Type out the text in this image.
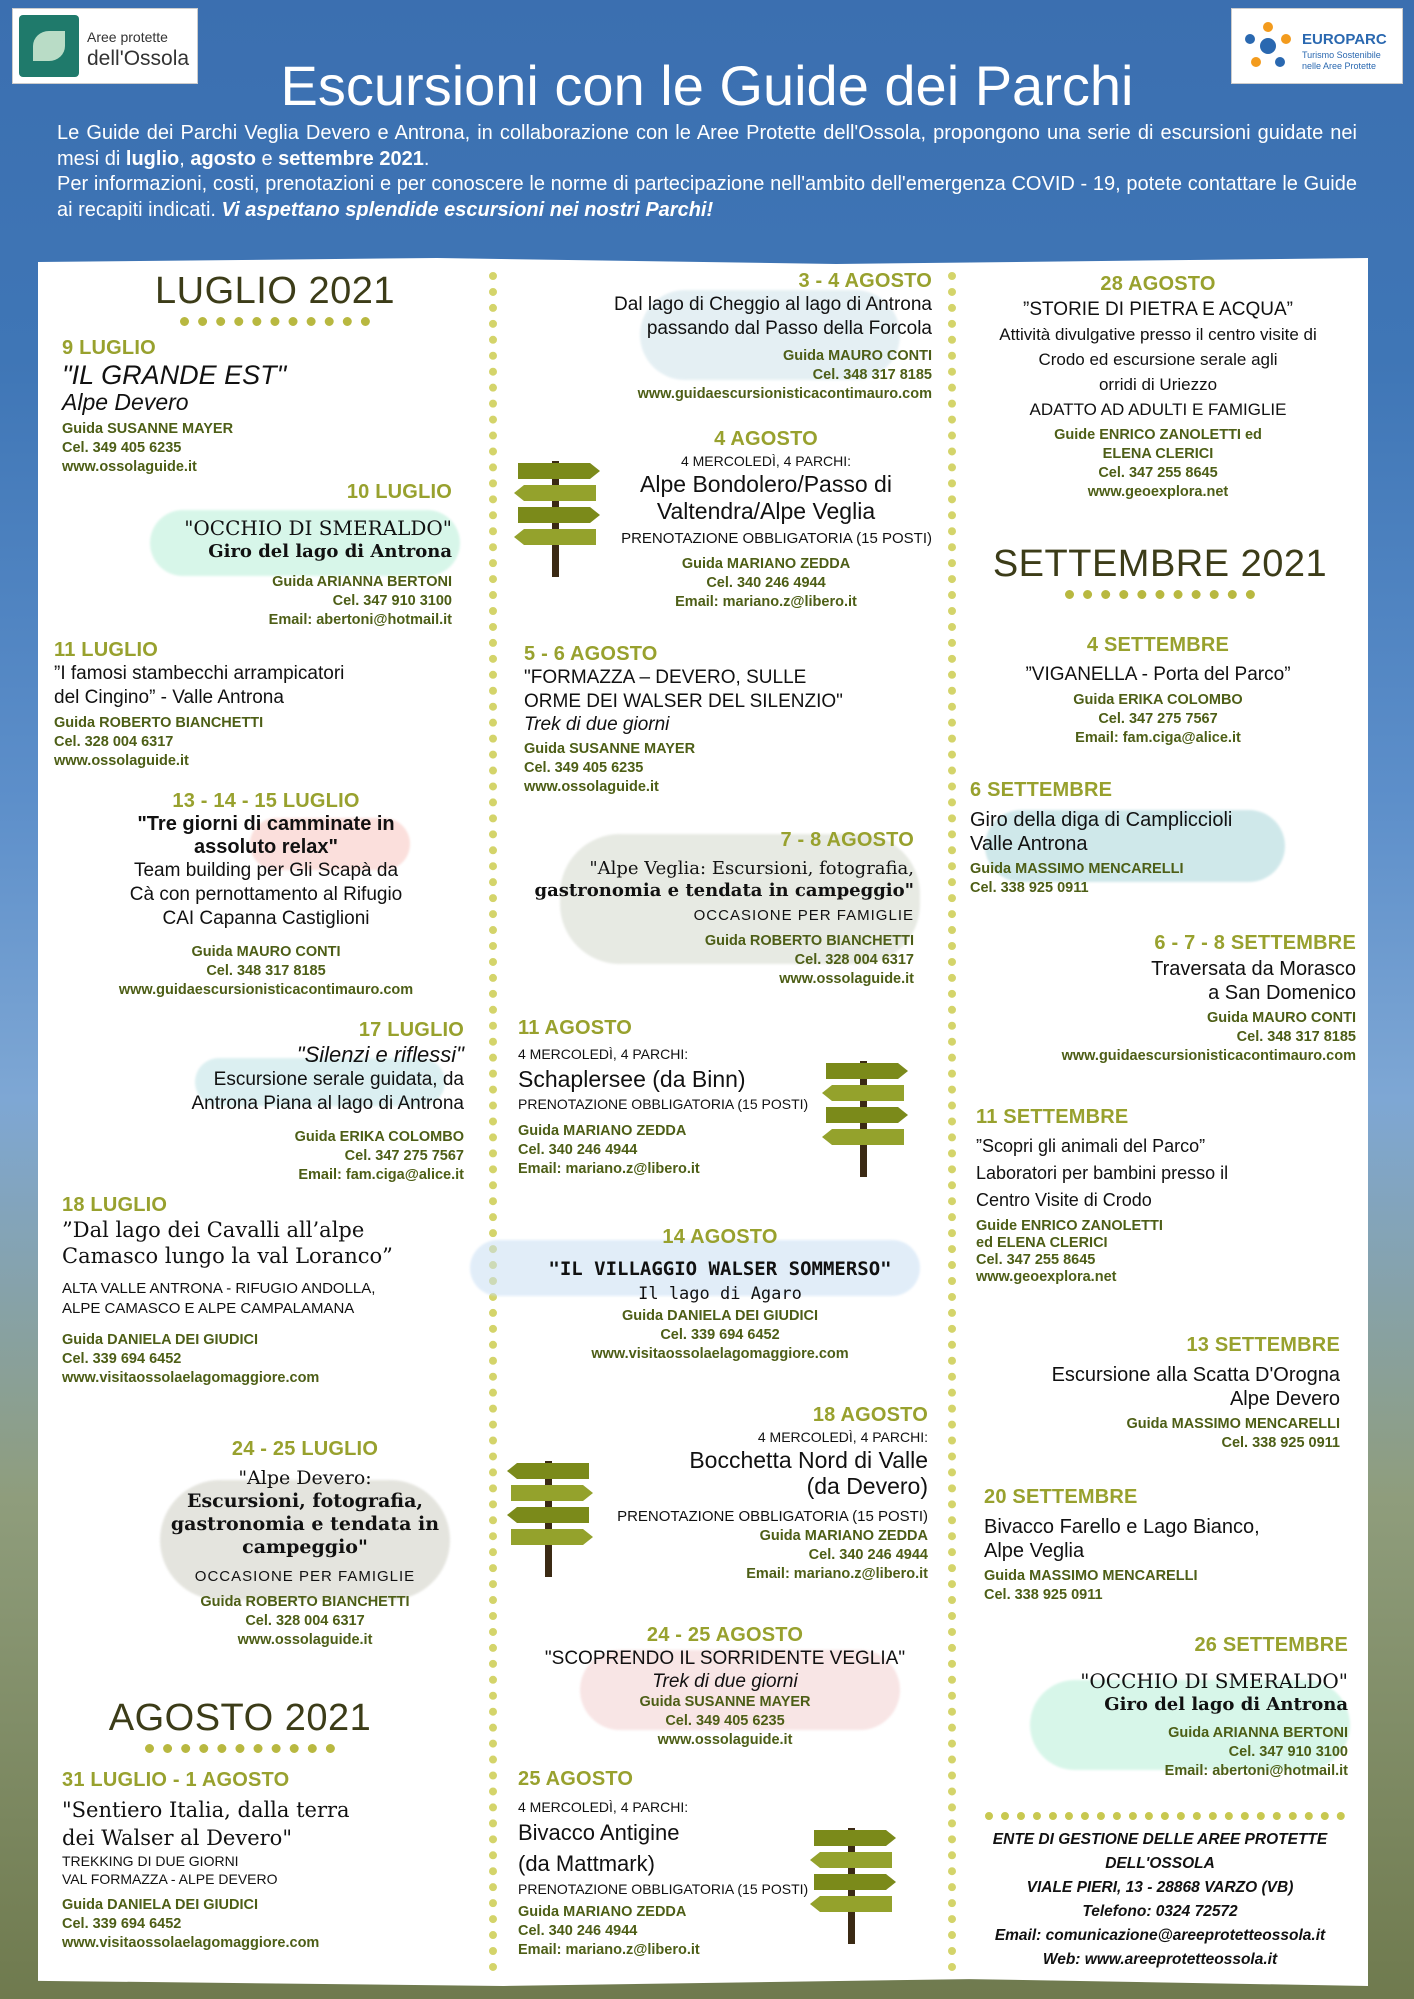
Aree protette
dell'Ossola
EUROPARC
Turismo Sostenibile nelle Aree Protette
Escursioni con le Guide dei Parchi

Le Guide dei Parchi Veglia Devero e Antrona, in collaborazione con le Aree Protette dell'Ossola, propongono una serie di escursioni guidate nei mesi di luglio, agosto e settembre 2021.

Per informazioni, costi, prenotazioni e per conoscere le norme di partecipazione nell'ambito dell'emergenza COVID - 19, potete contattare le Guide ai recapiti indicati. Vi aspettano splendide escursioni nei nostri Parchi!

LUGLIO 2021
AGOSTO 2021
SETTEMBRE 2021
9 LUGLIO
"IL GRANDE EST"
Alpe Devero
Guida SUSANNE MAYER
Cel. 349 405 6235
www.ossolaguide.it
10 LUGLIO
"OCCHIO DI SMERALDO"
Giro del lago di Antrona
Guida ARIANNA BERTONI
Cel. 347 910 3100
Email: abertoni@hotmail.it
11 LUGLIO
”I famosi stambecchi arrampicatori
del Cingino” - Valle Antrona
Guida ROBERTO BIANCHETTI
Cel. 328 004 6317
www.ossolaguide.it
13 - 14 - 15 LUGLIO
"Tre giorni di camminate in
assoluto relax"
Team building per Gli Scapà da
Cà con pernottamento al Rifugio
CAI Capanna Castiglioni
Guida MAURO CONTI
Cel. 348 317 8185
www.guidaescursionisticacontimauro.com
17 LUGLIO
"Silenzi e riflessi"
Escursione serale guidata, da
Antrona Piana al lago di Antrona
Guida ERIKA COLOMBO
Cel. 347 275 7567
Email: fam.ciga@alice.it
18 LUGLIO
”Dal lago dei Cavalli all’alpe
Camasco lungo la val Loranco”
ALTA VALLE ANTRONA - RIFUGIO ANDOLLA,
ALPE CAMASCO E ALPE CAMPALAMANA
Guida DANIELA DEI GIUDICI
Cel. 339 694 6452
www.visitaossolaelagomaggiore.com
24 - 25 LUGLIO
"Alpe Devero:
Escursioni, fotografia,
gastronomia e tendata in
campeggio"
OCCASIONE PER FAMIGLIE
Guida ROBERTO BIANCHETTI
Cel. 328 004 6317
www.ossolaguide.it
31 LUGLIO - 1 AGOSTO
"Sentiero Italia, dalla terra
dei Walser al Devero"
TREKKING DI DUE GIORNI
VAL FORMAZZA - ALPE DEVERO
Guida DANIELA DEI GIUDICI
Cel. 339 694 6452
www.visitaossolaelagomaggiore.com
3 - 4 AGOSTO
Dal lago di Cheggio al lago di Antrona
passando dal Passo della Forcola
Guida MAURO CONTI
Cel. 348 317 8185
www.guidaescursionisticacontimauro.com
4 AGOSTO
4 MERCOLEDÌ, 4 PARCHI:
Alpe Bondolero/Passo di
Valtendra/Alpe Veglia
PRENOTAZIONE OBBLIGATORIA (15 POSTI)
Guida MARIANO ZEDDA
Cel. 340 246 4944
Email: mariano.z@libero.it
5 - 6 AGOSTO
"FORMAZZA – DEVERO, SULLE
ORME DEI WALSER DEL SILENZIO"
Trek di due giorni
Guida SUSANNE MAYER
Cel. 349 405 6235
www.ossolaguide.it
7 - 8 AGOSTO
"Alpe Veglia: Escursioni, fotografia,
gastronomia e tendata in campeggio"
OCCASIONE PER FAMIGLIE
Guida ROBERTO BIANCHETTI
Cel. 328 004 6317
www.ossolaguide.it
11 AGOSTO
4 MERCOLEDÌ, 4 PARCHI:
Schaplersee (da Binn)
PRENOTAZIONE OBBLIGATORIA (15 POSTI)
Guida MARIANO ZEDDA
Cel. 340 246 4944
Email: mariano.z@libero.it
14 AGOSTO
"IL VILLAGGIO WALSER SOMMERSO"
Il lago di Agaro
Guida DANIELA DEI GIUDICI
Cel. 339 694 6452
www.visitaossolaelagomaggiore.com
18 AGOSTO
4 MERCOLEDÌ, 4 PARCHI:
Bocchetta Nord di Valle
(da Devero)
PRENOTAZIONE OBBLIGATORIA (15 POSTI)
Guida MARIANO ZEDDA
Cel. 340 246 4944
Email: mariano.z@libero.it
24 - 25 AGOSTO
"SCOPRENDO IL SORRIDENTE VEGLIA"
Trek di due giorni
Guida SUSANNE MAYER
Cel. 349 405 6235
www.ossolaguide.it
25 AGOSTO
4 MERCOLEDÌ, 4 PARCHI:
Bivacco Antigine
(da Mattmark)
PRENOTAZIONE OBBLIGATORIA (15 POSTI)
Guida MARIANO ZEDDA
Cel. 340 246 4944
Email: mariano.z@libero.it
28 AGOSTO
”STORIE DI PIETRA E ACQUA”
Attività divulgative presso il centro visite di
Crodo ed escursione serale agli
orridi di Uriezzo
ADATTO AD ADULTI E FAMIGLIE
Guide ENRICO ZANOLETTI ed
ELENA CLERICI
Cel. 347 255 8645
www.geoexplora.net
4 SETTEMBRE
”VIGANELLA - Porta del Parco”
Guida ERIKA COLOMBO
Cel. 347 275 7567
Email: fam.ciga@alice.it
6 SETTEMBRE
Giro della diga di Campliccioli
Valle Antrona
Guida MASSIMO MENCARELLI
Cel. 338 925 0911
6 - 7 - 8 SETTEMBRE
Traversata da Morasco
a San Domenico
Guida MAURO CONTI
Cel. 348 317 8185
www.guidaescursionisticacontimauro.com
11 SETTEMBRE
”Scopri gli animali del Parco”
Laboratori per bambini presso il
Centro Visite di Crodo
Guide ENRICO ZANOLETTI
ed ELENA CLERICI
Cel. 347 255 8645
www.geoexplora.net
13 SETTEMBRE
Escursione alla Scatta D'Orogna
Alpe Devero
Guida MASSIMO MENCARELLI
Cel. 338 925 0911
20 SETTEMBRE
Bivacco Farello e Lago Bianco,
Alpe Veglia
Guida MASSIMO MENCARELLI
Cel. 338 925 0911
26 SETTEMBRE
"OCCHIO DI SMERALDO"
Giro del lago di Antrona
Guida ARIANNA BERTONI
Cel. 347 910 3100
Email: abertoni@hotmail.it
ENTE DI GESTIONE DELLE AREE PROTETTE
DELL'OSSOLA
VIALE PIERI, 13 - 28868 VARZO (VB)
Telefono: 0324 72572
Email: comunicazione@areeprotetteossola.it
Web: www.areeprotetteossola.it
